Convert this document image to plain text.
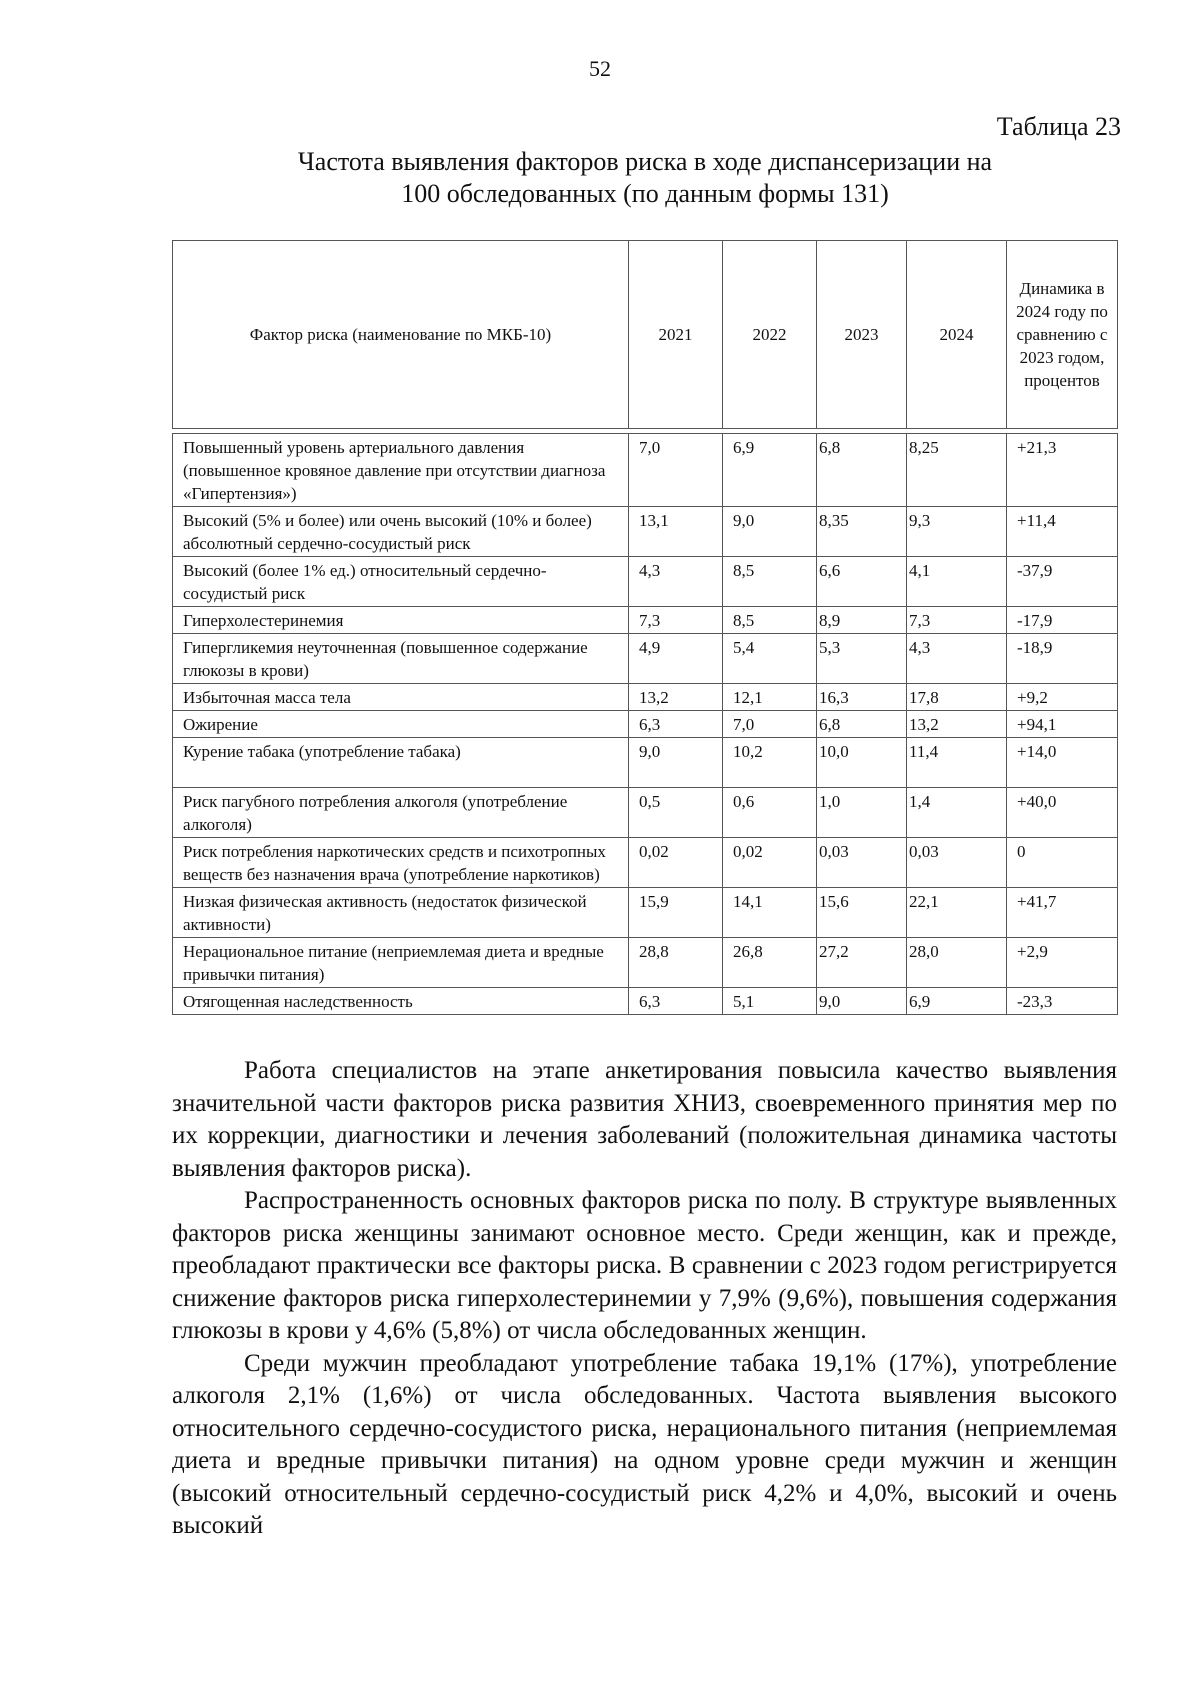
52
Таблица 23
Частота выявления факторов риска в ходе диспансеризации на
100 обследованных (по данным формы 131)
Фактор риска (наименование по МКБ-10)	2021	2022	2023	2024	Динамика в 2024 году по сравнению с 2023 годом, процентов
Повышенный уровень артериального давления (повышенное кровяное давление при отсутствии диагноза «Гипертензия»)	7,0	6,9	6,8	8,25	+21,3
Высокий (5% и более) или очень высокий (10% и более) абсолютный сердечно-сосудистый риск	13,1	9,0	8,35	9,3	+11,4
Высокий (более 1% ед.) относительный сердечно-сосудистый риск	4,3	8,5	6,6	4,1	-37,9
Гиперхолестеринемия	7,3	8,5	8,9	7,3	-17,9
Гипергликемия неуточненная (повышенное содержание глюкозы в крови)	4,9	5,4	5,3	4,3	-18,9
Избыточная масса тела	13,2	12,1	16,3	17,8	+9,2
Ожирение	6,3	7,0	6,8	13,2	+94,1
Курение табака (употребление табака)	9,0	10,2	10,0	11,4	+14,0
Риск пагубного потребления алкоголя (употребление алкоголя)	0,5	0,6	1,0	1,4	+40,0
Риск потребления наркотических средств и психотропных веществ без назначения врача (употребление наркотиков)	0,02	0,02	0,03	0,03	0
Низкая физическая активность (недостаток физической активности)	15,9	14,1	15,6	22,1	+41,7
Нерациональное питание (неприемлемая диета и вредные привычки питания)	28,8	26,8	27,2	28,0	+2,9
Отягощенная наследственность	6,3	5,1	9,0	6,9	-23,3

Работа специалистов на этапе анкетирования повысила качество выявления значительной части факторов риска развития ХНИЗ, своевременного принятия мер по их коррекции, диагностики и лечения заболеваний (положительная динамика частоты выявления факторов риска).

Распространенность основных факторов риска по полу. В структуре выявленных факторов риска женщины занимают основное место. Среди женщин, как и прежде, преобладают практически все факторы риска. В сравнении с 2023 годом регистрируется снижение факторов риска гиперхолестеринемии у 7,9% (9,6%), повышения содержания глюкозы в крови у 4,6% (5,8%) от числа обследованных женщин.

Среди мужчин преобладают употребление табака 19,1% (17%), употребление алкоголя 2,1% (1,6%) от числа обследованных. Частота выявления высокого относительного сердечно-сосудистого риска, нерационального питания (неприемлемая диета и вредные привычки питания) на одном уровне среди мужчин и женщин (высокий относительный сердечно-сосудистый риск 4,2% и 4,0%, высокий и очень высокий
